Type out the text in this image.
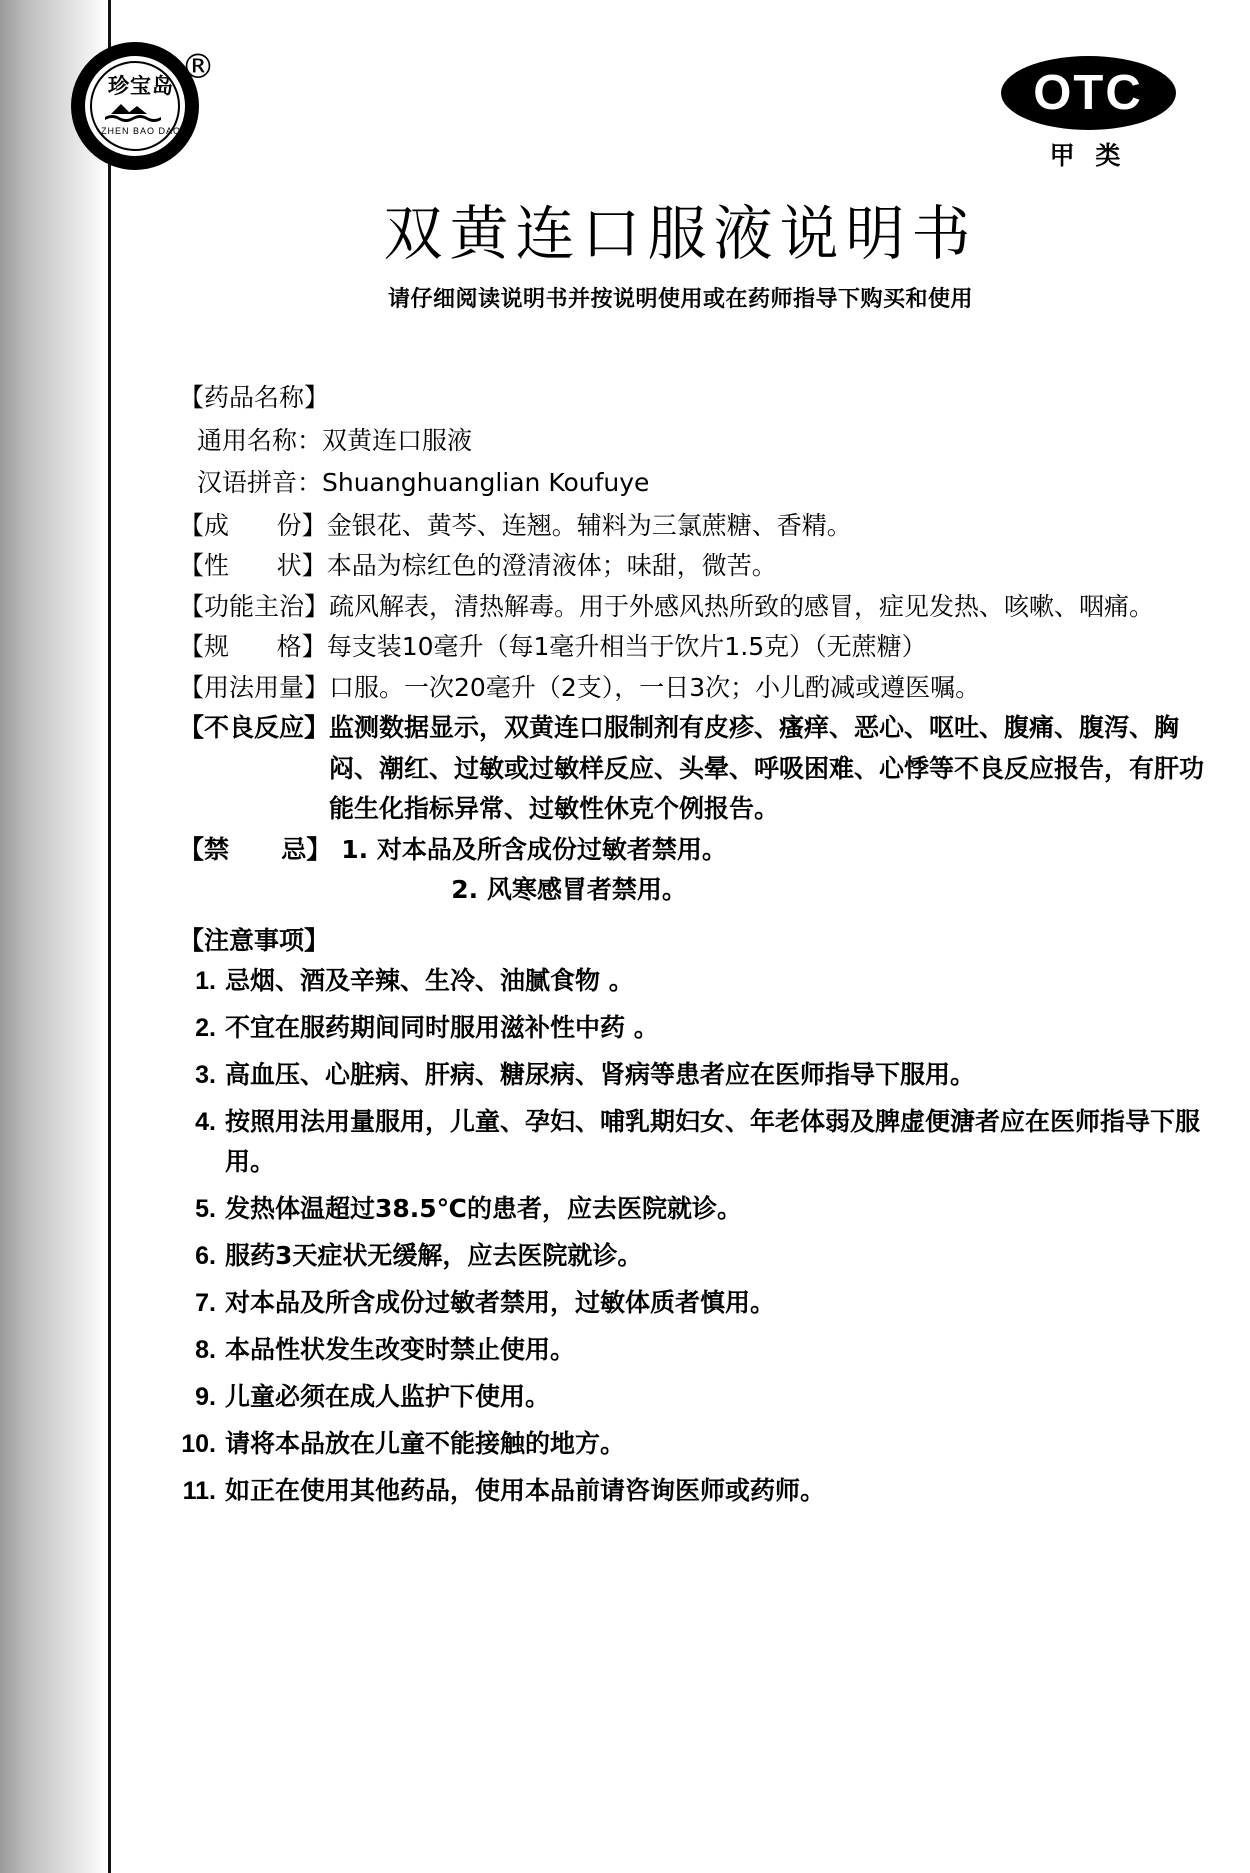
珍宝岛
ZHEN BAO DAO
®	OTC
甲 类
双黄连口服液说明书
请仔细阅读说明书并按说明使用或在药师指导下购买和使用
【药品名称】
通用名称：双黄连口服液
汉语拼音：Shuanghuanglian Koufuye
【成      份】 金银花、黄芩、连翘。辅料为三氯蔗糖、香精。
【性      状】 本品为棕红色的澄清液体；味甜，微苦。
【功能主治】 疏风解表，清热解毒。用于外感风热所致的感冒，症见发热、咳嗽、咽痛。
【规      格】 每支装10毫升（每1毫升相当于饮片1.5克）（无蔗糖）
【用法用量】 口服。一次20毫升（2支），一日3次；小儿酌减或遵医嘱。
【不良反应】 监测数据显示，双黄连口服制剂有皮疹、瘙痒、恶心、呕吐、腹痛、腹泻、胸闷、潮红、过敏或过敏样反应、头晕、呼吸困难、心悸等不良反应报告，有肝功能生化指标异常、过敏性休克个例报告。
【禁      忌】 1. 对本品及所含成份过敏者禁用。
2. 风寒感冒者禁用。
【注意事项】
1. 忌烟、酒及辛辣、生冷、油腻食物 。
2. 不宜在服药期间同时服用滋补性中药 。
3. 高血压、心脏病、肝病、糖尿病、肾病等患者应在医师指导下服用。
4. 按照用法用量服用，儿童、孕妇、哺乳期妇女、年老体弱及脾虚便溏者应在医师指导下服用。
5. 发热体温超过38.5℃的患者，应去医院就诊。
6. 服药3天症状无缓解，应去医院就诊。
7. 对本品及所含成份过敏者禁用，过敏体质者慎用。
8. 本品性状发生改变时禁止使用。
9. 儿童必须在成人监护下使用。
10. 请将本品放在儿童不能接触的地方。
11. 如正在使用其他药品，使用本品前请咨询医师或药师。
